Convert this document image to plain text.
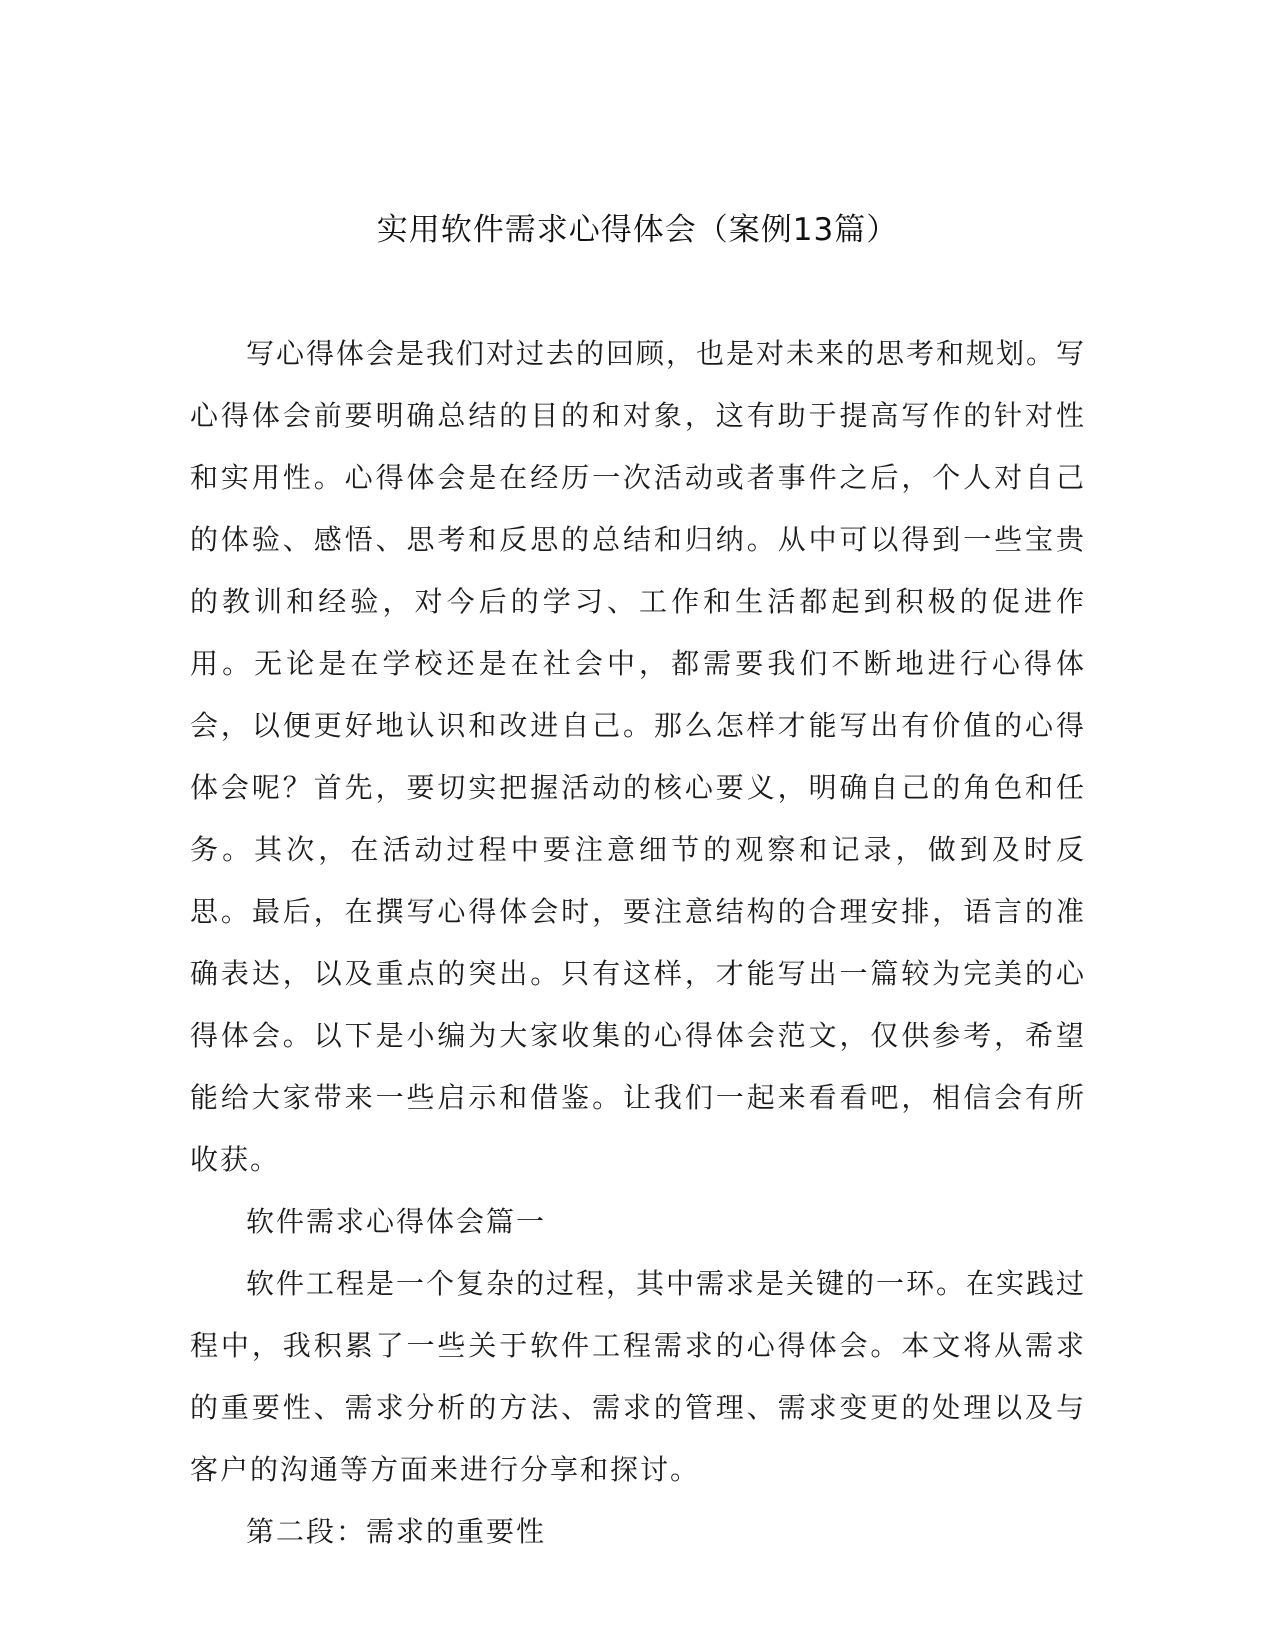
实用软件需求心得体会（案例13篇）

写心得体会是我们对过去的回顾，也是对未来的思考和规划。写心得体会前要明确总结的目的和对象，这有助于提高写作的针对性和实用性。心得体会是在经历一次活动或者事件之后，个人对自己的体验、感悟、思考和反思的总结和归纳。从中可以得到一些宝贵的教训和经验，对今后的学习、工作和生活都起到积极的促进作用。无论是在学校还是在社会中，都需要我们不断地进行心得体会，以便更好地认识和改进自己。那么怎样才能写出有价值的心得体会呢？首先，要切实把握活动的核心要义，明确自己的角色和任务。其次，在活动过程中要注意细节的观察和记录，做到及时反思。最后，在撰写心得体会时，要注意结构的合理安排，语言的准确表达，以及重点的突出。只有这样，才能写出一篇较为完美的心得体会。以下是小编为大家收集的心得体会范文，仅供参考，希望能给大家带来一些启示和借鉴。让我们一起来看看吧，相信会有所收获。

软件需求心得体会篇一

软件工程是一个复杂的过程，其中需求是关键的一环。在实践过程中，我积累了一些关于软件工程需求的心得体会。本文将从需求的重要性、需求分析的方法、需求的管理、需求变更的处理以及与客户的沟通等方面来进行分享和探讨。

第二段：需求的重要性
